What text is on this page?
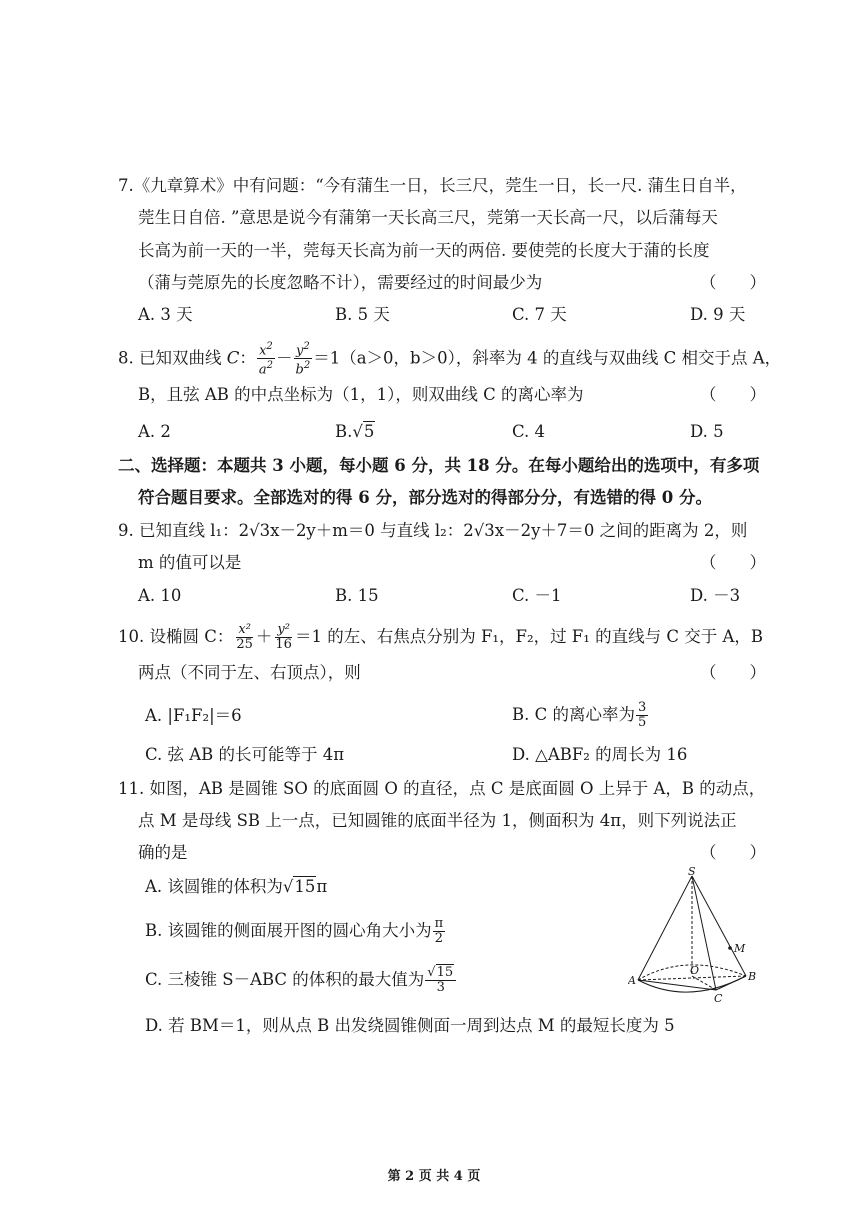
7.《九章算术》中有问题：“今有蒲生一日，长三尺，莞生一日，长一尺. 蒲生日自半，
莞生日自倍. ”意思是说今有蒲第一天长高三尺，莞第一天长高一尺，以后蒲每天
长高为前一天的一半，莞每天长高为前一天的两倍. 要使莞的长度大于蒲的长度
（蒲与莞原先的长度忽略不计），需要经过的时间最少为	（　　）
A. 3 天	B. 5 天	C. 7 天	D. 9 天
8. 已知双曲线 C： $\frac{x^2}{a^2} - \frac{y^2}{b^2} =1(a>0$，b＞0），斜率为 4 的直线与双曲线 C 相交于点 A，
B，且弦 AB 的中点坐标为（1，1），则双曲线 C 的离心率为	（　　）
A. 2	B.√5	C. 4	D. 5
二、选择题：本题共 3 小题，每小题 6 分，共 18 分。在每小题给出的选项中，有多项
符合题目要求。全部选对的得 6 分，部分选对的得部分分，有选错的得 0 分。
9. 已知直线 l₁：2√3x－2y＋m＝0 与直线 l₂：2√3x－2y＋7＝0 之间的距离为 2，则
m 的值可以是	（　　）
A. 10	B. 15	C. －1	D. －3
10. 设椭圆 C： $\frac{\text{x²}}{25} + \frac{\text{y²}}{16} =1$ 的左、右焦点分别为 F₁，F₂，过 F₁ 的直线与 C 交于 A，B
两点（不同于左、右顶点），则	（　　）
A. |F₁F₂|＝6	B. C 的离心率为 $\frac{3}{5}$
C. 弦 AB 的长可能等于 4π	D. △ABF₂ 的周长为 16
11. 如图，AB 是圆锥 SO 的底面圆 O 的直径，点 C 是底面圆 O 上异于 A，B 的动点，
点 M 是母线 SB 上一点，已知圆锥的底面半径为 1，侧面积为 4π，则下列说法正
确的是	（　　）
A. 该圆锥的体积为√15π
B. 该圆锥的侧面展开图的圆心角大小为 $\frac{\pi}{2}$
C. 三棱锥 S－ABC 的体积的最大值为 $\frac{√15}{3}$
D. 若 BM＝1，则从点 B 出发绕圆锥侧面一周到达点 M 的最短长度为 5
S
M
O
A	B
C
第 2 页 共 4 页
